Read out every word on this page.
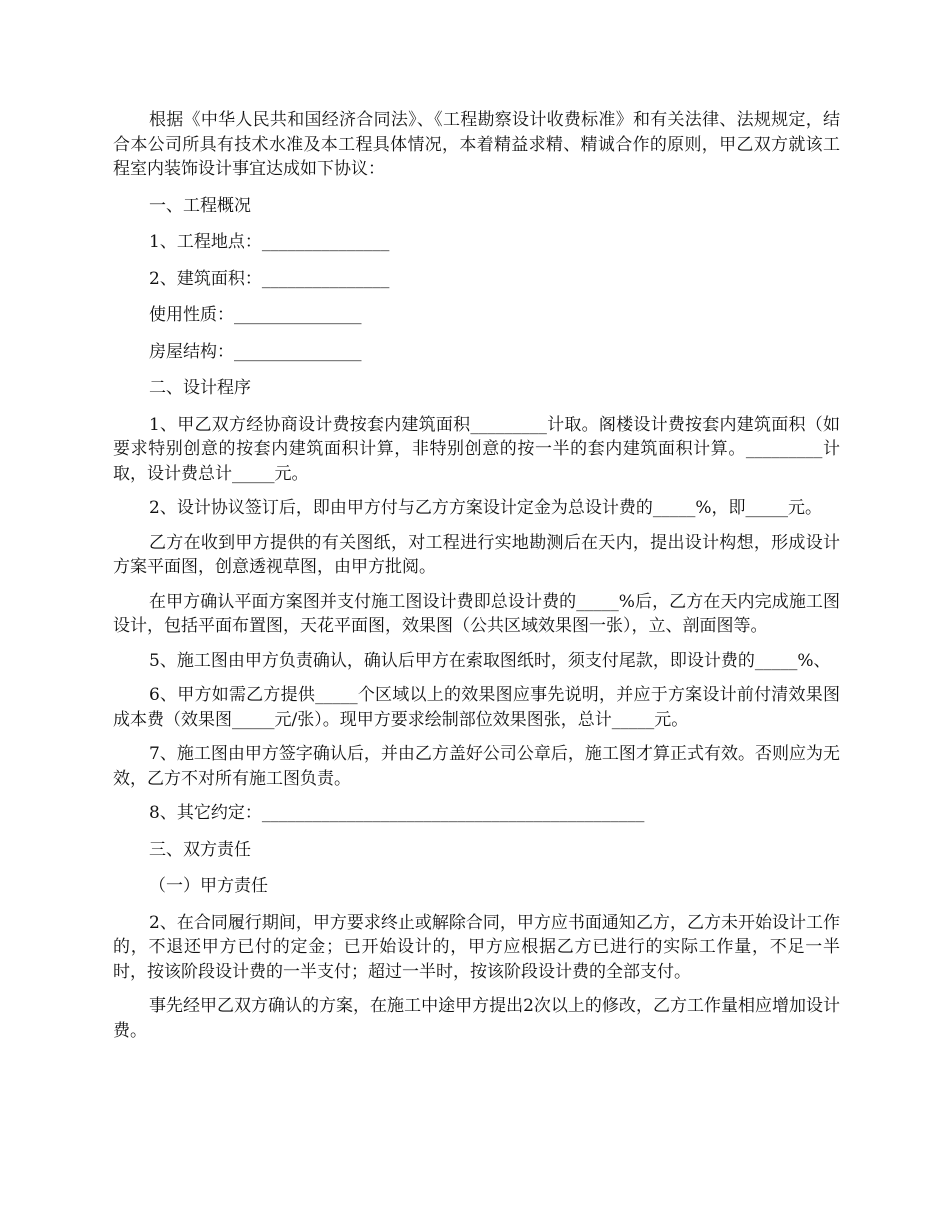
根据《中华人民共和国经济合同法》、《工程勘察设计收费标准》和有关法律、法规规定，结合本公司所具有技术水准及本工程具体情况，本着精益求精、精诚合作的原则，甲乙双方就该工程室内装饰设计事宜达成如下协议：

一、工程概况

1、工程地点：_______________

2、建筑面积：_______________

使用性质：_______________

房屋结构：_______________

二、设计程序

1、甲乙双方经协商设计费按套内建筑面积_________计取。阁楼设计费按套内建筑面积（如要求特别创意的按套内建筑面积计算，非特别创意的按一半的套内建筑面积计算。_________计取，设计费总计_____元。

2、设计协议签订后，即由甲方付与乙方方案设计定金为总设计费的_____%，即_____元。

乙方在收到甲方提供的有关图纸，对工程进行实地勘测后在天内，提出设计构想，形成设计方案平面图，创意透视草图，由甲方批阅。

在甲方确认平面方案图并支付施工图设计费即总设计费的_____%后，乙方在天内完成施工图设计，包括平面布置图，天花平面图，效果图（公共区域效果图一张），立、剖面图等。

5、施工图由甲方负责确认，确认后甲方在索取图纸时，须支付尾款，即设计费的_____%、

6、甲方如需乙方提供_____个区域以上的效果图应事先说明，并应于方案设计前付清效果图成本费（效果图_____元/张）。现甲方要求绘制部位效果图张，总计_____元。

7、施工图由甲方签字确认后，并由乙方盖好公司公章后，施工图才算正式有效。否则应为无效，乙方不对所有施工图负责。

8、其它约定：_____________________________________________

三、双方责任

（一）甲方责任

2、在合同履行期间，甲方要求终止或解除合同，甲方应书面通知乙方，乙方未开始设计工作的，不退还甲方已付的定金；已开始设计的，甲方应根据乙方已进行的实际工作量，不足一半时，按该阶段设计费的一半支付；超过一半时，按该阶段设计费的全部支付。

事先经甲乙双方确认的方案，在施工中途甲方提出2次以上的修改，乙方工作量相应增加设计费。
